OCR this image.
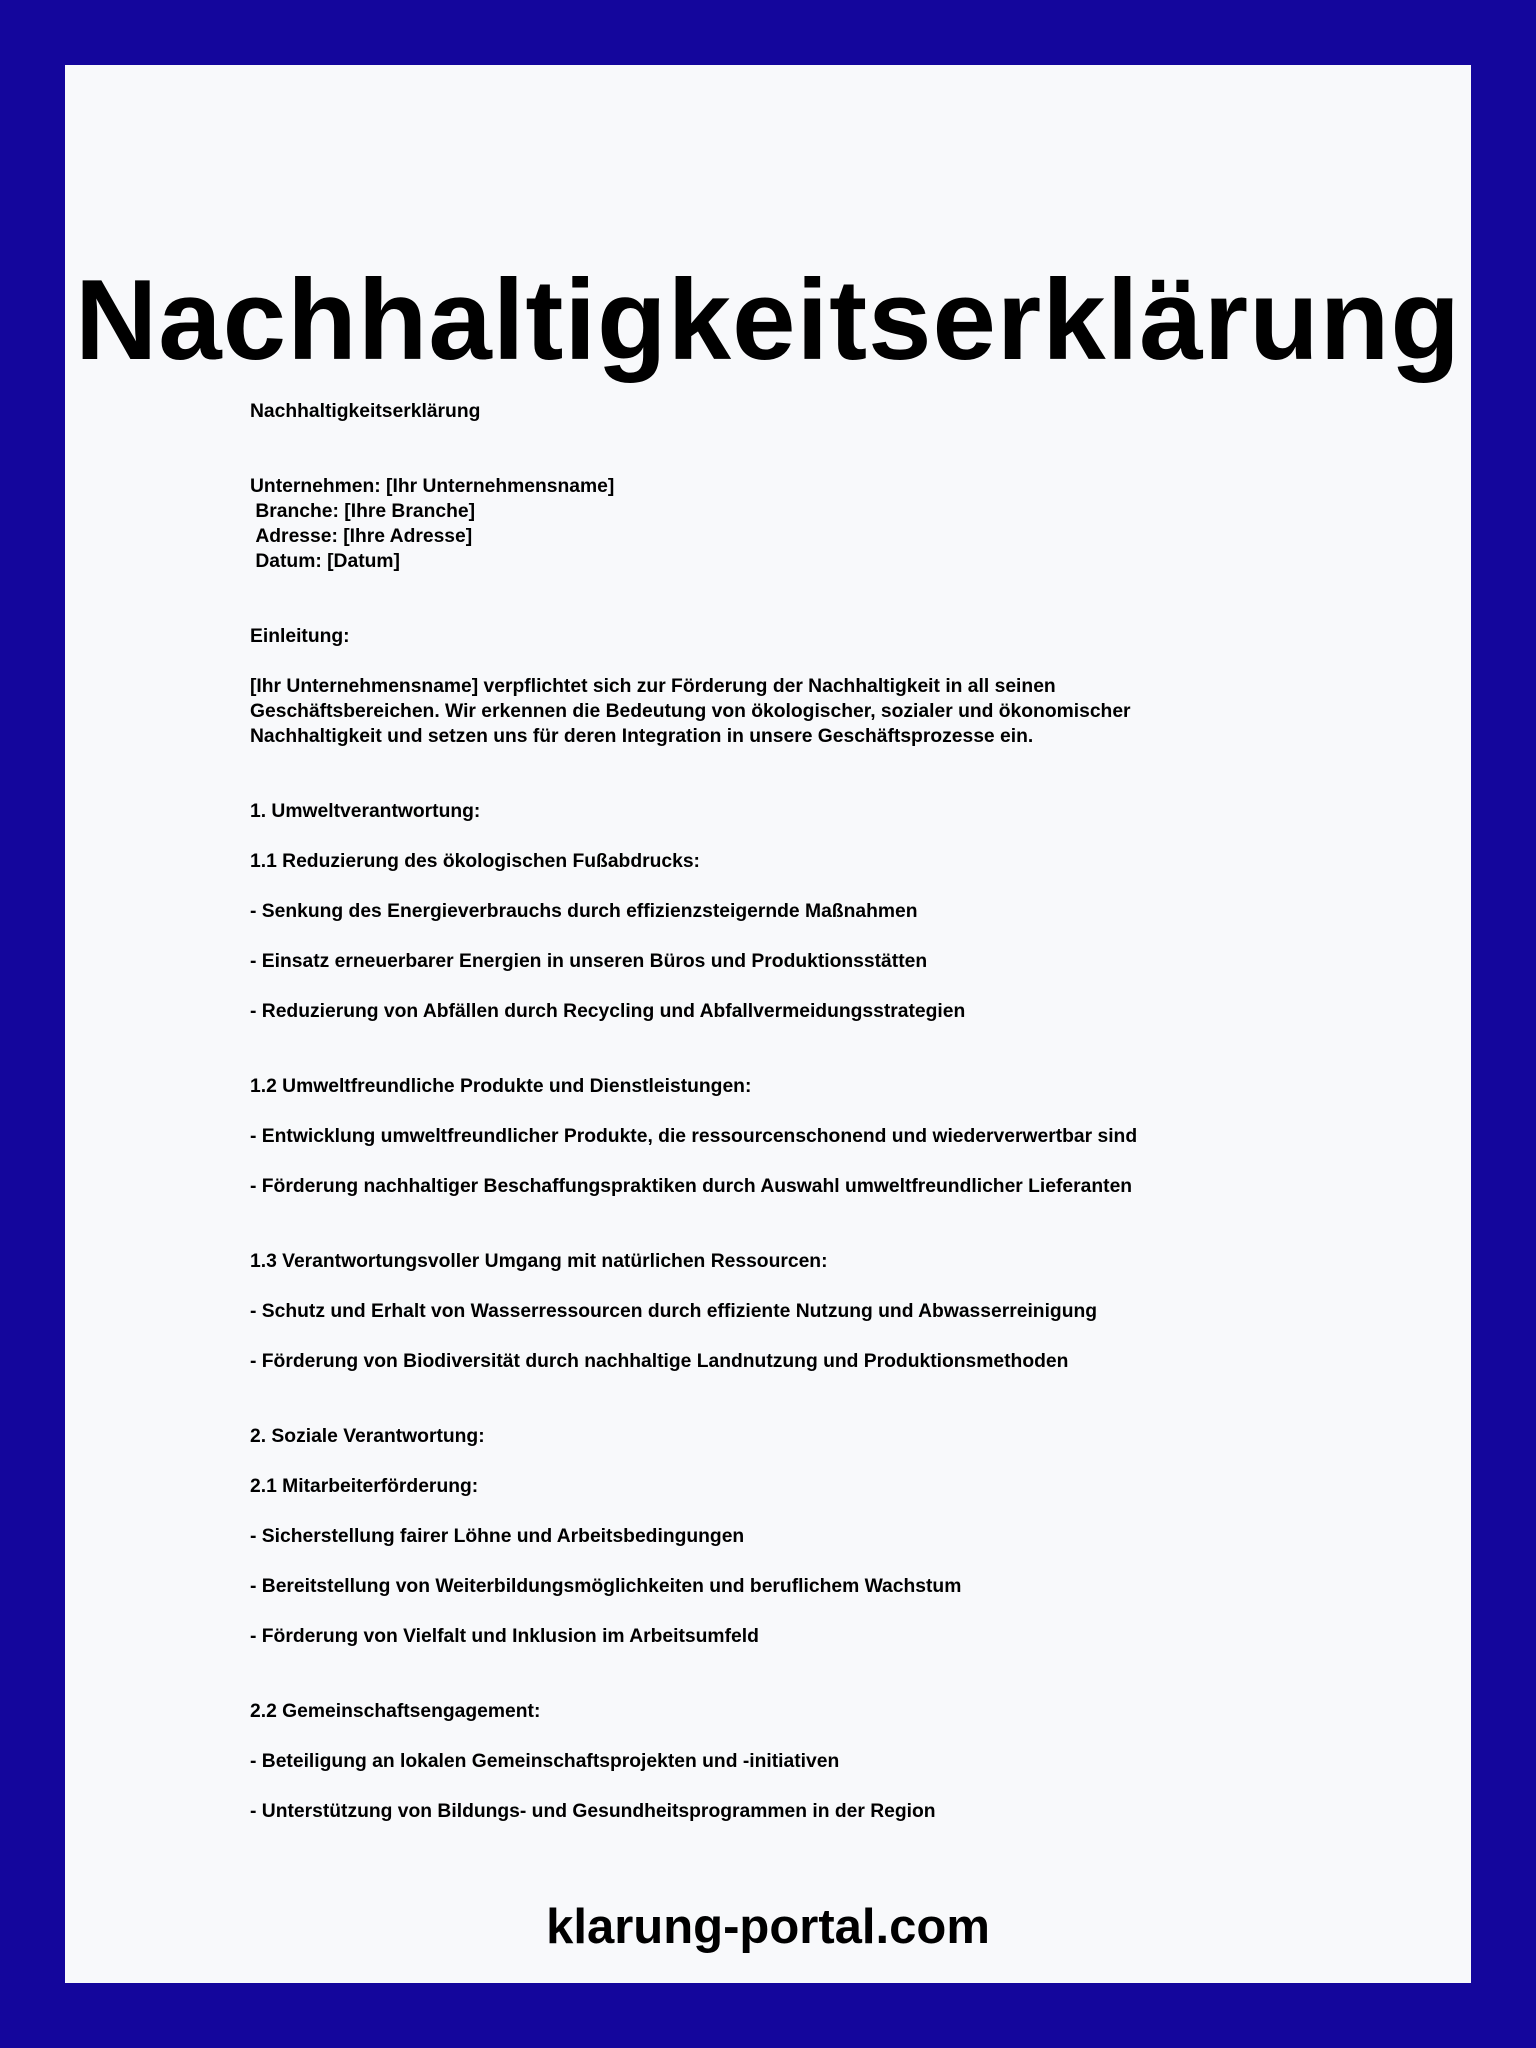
Nachhaltigkeitserklärung

Nachhaltigkeitserklärung

Unternehmen: [Ihr Unternehmensname]

Branche: [Ihre Branche]

Adresse: [Ihre Adresse]

Datum: [Datum]

Einleitung:

[Ihr Unternehmensname] verpflichtet sich zur Förderung der Nachhaltigkeit in all seinen

Geschäftsbereichen. Wir erkennen die Bedeutung von ökologischer, sozialer und ökonomischer

Nachhaltigkeit und setzen uns für deren Integration in unsere Geschäftsprozesse ein.

1. Umweltverantwortung:

1.1 Reduzierung des ökologischen Fußabdrucks:

- Senkung des Energieverbrauchs durch effizienzsteigernde Maßnahmen

- Einsatz erneuerbarer Energien in unseren Büros und Produktionsstätten

- Reduzierung von Abfällen durch Recycling und Abfallvermeidungsstrategien

1.2 Umweltfreundliche Produkte und Dienstleistungen:

- Entwicklung umweltfreundlicher Produkte, die ressourcenschonend und wiederverwertbar sind

- Förderung nachhaltiger Beschaffungspraktiken durch Auswahl umweltfreundlicher Lieferanten

1.3 Verantwortungsvoller Umgang mit natürlichen Ressourcen:

- Schutz und Erhalt von Wasserressourcen durch effiziente Nutzung und Abwasserreinigung

- Förderung von Biodiversität durch nachhaltige Landnutzung und Produktionsmethoden

2. Soziale Verantwortung:

2.1 Mitarbeiterförderung:

- Sicherstellung fairer Löhne und Arbeitsbedingungen

- Bereitstellung von Weiterbildungsmöglichkeiten und beruflichem Wachstum

- Förderung von Vielfalt und Inklusion im Arbeitsumfeld

2.2 Gemeinschaftsengagement:

- Beteiligung an lokalen Gemeinschaftsprojekten und -initiativen

- Unterstützung von Bildungs- und Gesundheitsprogrammen in der Region

klarung-portal.com
